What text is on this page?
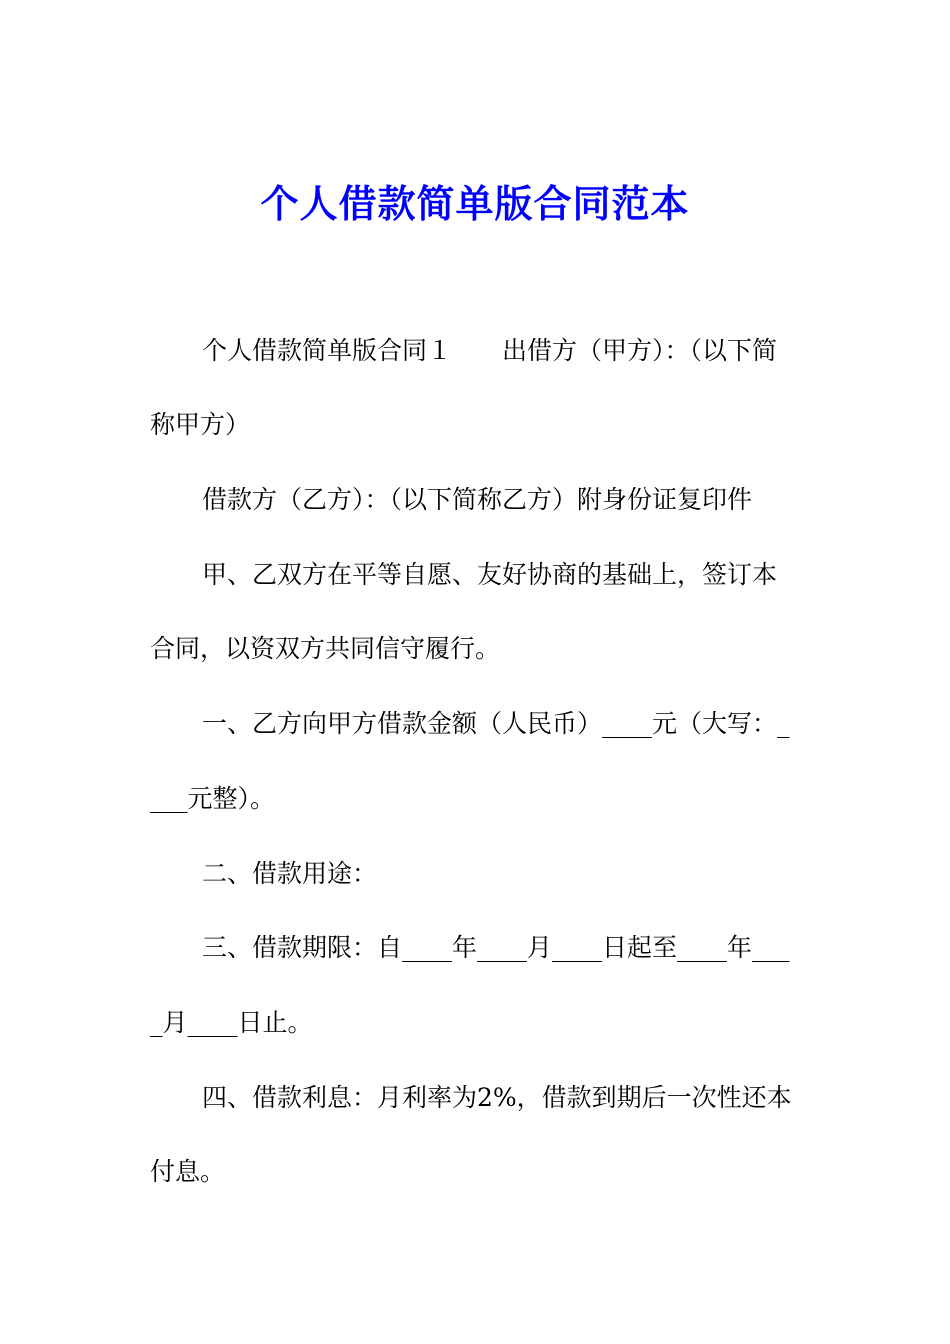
个人借款简单版合同范本
个人借款简单版合同１　　出借方（甲方）：（以下简
称甲方）
借款方（乙方）：（以下简称乙方）附身份证复印件
甲、乙双方在平等自愿、友好协商的基础上，签订本
合同，以资双方共同信守履行。
一、乙方向甲方借款金额（人民币）____元（大写：_
___元整）。
二、借款用途：
三、借款期限：自____年____月____日起至____年___
_月____日止。
四、借款利息：月利率为2%，借款到期后一次性还本
付息。
